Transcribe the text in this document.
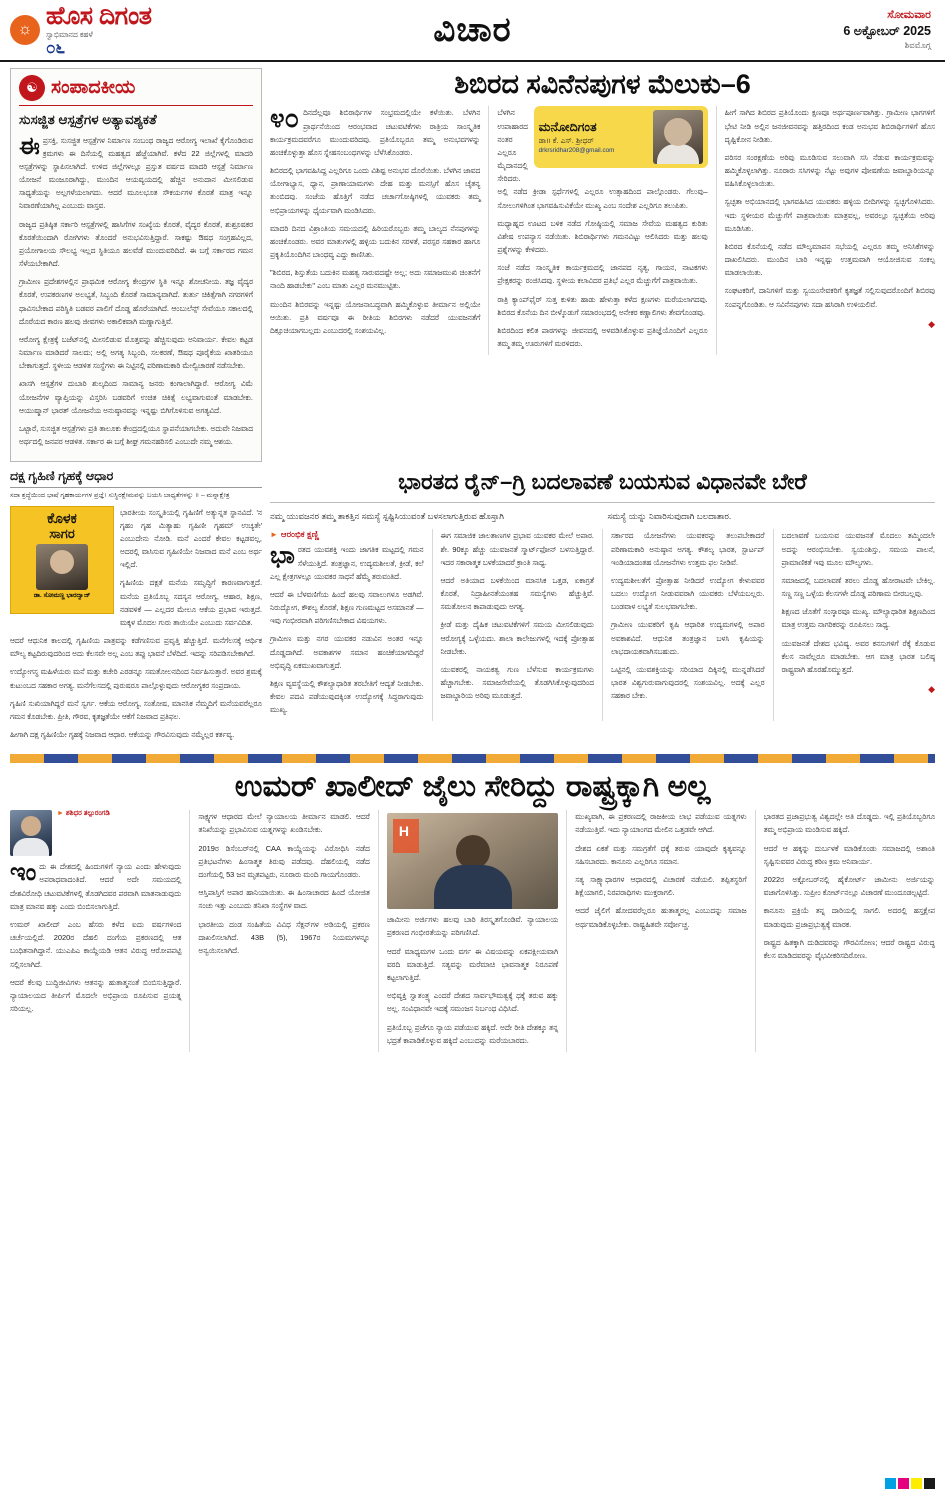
☼ ಹೊಸ ದಿಗಂತ
ಸ್ವಾಭಿಮಾನದ ಕಹಳೆ
೦೬	ವಿಚಾರ	ಸೋಮವಾರ
6 ಅಕ್ಟೋಬರ್ 2025
ಶಿವಮೊಗ್ಗ
☯ ಸಂಪಾದಕೀಯ
ಸುಸಜ್ಜಿತ ಆಸ್ಪತ್ರೆಗಳ ಅತ್ಯಾವಶ್ಯಕತೆ

ಈಪ್ರಸಕ್ತಿ, ಸುಸಜ್ಜಿತ ಆಸ್ಪತ್ರೆಗಳ ನಿರ್ಮಾಣ ಸಂಬಂಧ ರಾಜ್ಯದ ಆರೋಗ್ಯ ಇಲಾಖೆ ಕೈಗೊಂಡಿರುವ ಕ್ರಮಗಳು ಈ ದಿಸೆಯಲ್ಲಿ ಮಹತ್ವದ ಹೆಜ್ಜೆಯಾಗಿವೆ. ಕಳೆದ 22 ಜಿಲ್ಲೆಗಳಲ್ಲಿ ಮಾದರಿ ಆಸ್ಪತ್ರೆಗಳನ್ನು ಸ್ಥಾಪಿಸಲಾಗಿದೆ. ಉಳಿದ ಜಿಲ್ಲೆಗಳಲ್ಲೂ ಪ್ರಸ್ತುತ ವರ್ಷದ ಮಾದರಿ ಆಸ್ಪತ್ರೆ ನಿರ್ಮಾಣ ಯೋಜನೆ ಮಂಜೂರಾಗಿದ್ದು, ಮುಂದಿನ ಆಯವ್ಯಯದಲ್ಲಿ ಹೆಚ್ಚಿನ ಅನುದಾನ ಮೀಸಲಿಡುವ ಸಾಧ್ಯತೆಯನ್ನು ಅಲ್ಲಗಳೆಯಲಾಗದು. ಆದರೆ ಮೂಲಭೂತ ಸೌಕರ್ಯಗಳ ಕೊರತೆ ಮಾತ್ರ ಇನ್ನೂ ನಿವಾರಣೆಯಾಗಿಲ್ಲ ಎಂಬುದು ವಾಸ್ತವ.

ರಾಜ್ಯದ ಪ್ರತಿಷ್ಠಿತ ಸರ್ಕಾರಿ ಆಸ್ಪತ್ರೆಗಳಲ್ಲಿ ಹಾಸಿಗೆಗಳ ಸಂಖ್ಯೆಯ ಕೊರತೆ, ವೈದ್ಯರ ಕೊರತೆ, ಶುಶ್ರೂಷಕರ ಕೊರತೆಯಿಂದಾಗಿ ರೋಗಿಗಳು ತೊಂದರೆ ಅನುಭವಿಸುತ್ತಿದ್ದಾರೆ. ಸಾಕಷ್ಟು ಔಷಧ ಸಂಗ್ರಹವಿಲ್ಲದ, ಪ್ರಯೋಗಾಲಯ ಸೌಲಭ್ಯ ಇಲ್ಲದ ಸ್ಥಿತಿಯೂ ಹಲವೆಡೆ ಮುಂದುವರಿದಿದೆ. ಈ ಬಗ್ಗೆ ಸರ್ಕಾರದ ಗಮನ ಸೆಳೆಯಬೇಕಾಗಿದೆ.

ಗ್ರಾಮೀಣ ಪ್ರದೇಶಗಳಲ್ಲಿನ ಪ್ರಾಥಮಿಕ ಆರೋಗ್ಯ ಕೇಂದ್ರಗಳ ಸ್ಥಿತಿ ಇನ್ನೂ ಶೋಚನೀಯ. ತಜ್ಞ ವೈದ್ಯರ ಕೊರತೆ, ಉಪಕರಣಗಳ ಅಲಭ್ಯತೆ, ಸಿಬ್ಬಂದಿ ಕೊರತೆ ಸಾಮಾನ್ಯವಾಗಿದೆ. ತುರ್ತು ಚಿಕಿತ್ಸೆಗಾಗಿ ನಗರಗಳಿಗೆ ಧಾವಿಸಬೇಕಾದ ಪರಿಸ್ಥಿತಿ ಬಡವರ ಪಾಲಿಗೆ ದೊಡ್ಡ ಹೊರೆಯಾಗಿದೆ. ಆಂಬುಲೆನ್ಸ್ ಸೇವೆಯೂ ಸಕಾಲದಲ್ಲಿ ದೊರೆಯದ ಕಾರಣ ಹಲವು ಜೀವಗಳು ಅಕಾಲಿಕವಾಗಿ ಮಣ್ಣಾಗುತ್ತಿವೆ.

ಆರೋಗ್ಯ ಕ್ಷೇತ್ರಕ್ಕೆ ಬಜೆಟ್‌ನಲ್ಲಿ ಮೀಸಲಿಡುವ ಮೊತ್ತವನ್ನು ಹೆಚ್ಚಿಸುವುದು ಅನಿವಾರ್ಯ. ಕೇವಲ ಕಟ್ಟಡ ನಿರ್ಮಾಣ ಮಾಡಿದರೆ ಸಾಲದು; ಅಲ್ಲಿ ಅಗತ್ಯ ಸಿಬ್ಬಂದಿ, ಸಲಕರಣೆ, ಔಷಧ ಪೂರೈಕೆಯ ಖಾತರಿಯೂ ಬೇಕಾಗುತ್ತದೆ. ಸ್ಥಳೀಯ ಆಡಳಿತ ಸಂಸ್ಥೆಗಳು ಈ ನಿಟ್ಟಿನಲ್ಲಿ ಪರಿಣಾಮಕಾರಿ ಮೇಲ್ವಿಚಾರಣೆ ನಡೆಸಬೇಕು.

ಖಾಸಗಿ ಆಸ್ಪತ್ರೆಗಳ ದುಬಾರಿ ಶುಲ್ಕದಿಂದ ಸಾಮಾನ್ಯ ಜನರು ಕಂಗಾಲಾಗಿದ್ದಾರೆ. ಆರೋಗ್ಯ ವಿಮೆ ಯೋಜನೆಗಳ ವ್ಯಾಪ್ತಿಯನ್ನು ವಿಸ್ತರಿಸಿ ಬಡವರಿಗೆ ಉಚಿತ ಚಿಕಿತ್ಸೆ ಲಭ್ಯವಾಗುವಂತೆ ಮಾಡಬೇಕು. ಆಯುಷ್ಮಾನ್ ಭಾರತ್ ಯೋಜನೆಯ ಅನುಷ್ಠಾನವನ್ನು ಇನ್ನಷ್ಟು ಬಿಗಿಗೊಳಿಸುವ ಅಗತ್ಯವಿದೆ.

ಒಟ್ಟಾರೆ, ಸುಸಜ್ಜಿತ ಆಸ್ಪತ್ರೆಗಳು ಪ್ರತಿ ತಾಲೂಕು ಕೇಂದ್ರದಲ್ಲಿಯೂ ಸ್ಥಾಪನೆಯಾಗಬೇಕು. ಅದುವೇ ನಿಜವಾದ ಅರ್ಥದಲ್ಲಿ ಜನಪರ ಆಡಳಿತ. ಸರ್ಕಾರ ಈ ಬಗ್ಗೆ ಶೀಘ್ರ ಗಮನಹರಿಸಲಿ ಎಂಬುದೇ ನಮ್ಮ ಆಶಯ.

ಶಿಬಿರದ ಸವಿನೆನಪುಗಳ ಮೆಲುಕು–6

೪೦ ದಿನದೆಲ್ಲವೂ ಶಿಬಿರಾರ್ಥಿಗಳ ಸಂಭ್ರಮದಲ್ಲಿಯೇ ಕಳೆಯಿತು. ಬೆಳಗಿನ ಪ್ರಾರ್ಥನೆಯಿಂದ ಆರಂಭವಾದ ಚಟುವಟಿಕೆಗಳು ರಾತ್ರಿಯ ಸಾಂಸ್ಕೃತಿಕ ಕಾರ್ಯಕ್ರಮದವರೆಗೂ ಮುಂದುವರಿದವು. ಪ್ರತಿಯೊಬ್ಬರೂ ತಮ್ಮ ಅನುಭವಗಳನ್ನು ಹಂಚಿಕೊಳ್ಳುತ್ತಾ ಹೊಸ ಸ್ನೇಹಸಂಬಂಧಗಳನ್ನು ಬೆಳೆಸಿಕೊಂಡರು.

ಶಿಬಿರದಲ್ಲಿ ಭಾಗವಹಿಸಿದ್ದ ಎಲ್ಲರಿಗೂ ಒಂದು ವಿಶಿಷ್ಟ ಅನುಭವ ದೊರೆಯಿತು. ಬೆಳಗಿನ ಜಾವದ ಯೋಗಾಭ್ಯಾಸ, ಧ್ಯಾನ, ಪ್ರಾಣಾಯಾಮಗಳು ದೇಹ ಮತ್ತು ಮನಸ್ಸಿಗೆ ಹೊಸ ಚೈತನ್ಯ ತುಂಬಿದವು. ಸಂಜೆಯ ಹೊತ್ತಿಗೆ ನಡೆದ ಚರ್ಚಾಗೋಷ್ಠಿಗಳಲ್ಲಿ ಯುವಕರು ತಮ್ಮ ಅಭಿಪ್ರಾಯಗಳನ್ನು ಧೈರ್ಯವಾಗಿ ಮಂಡಿಸಿದರು.

ಮಾದರಿ ದಿನದ ವಿಶ್ರಾಂತಿಯ ಸಮಯದಲ್ಲಿ ಹಿರಿಯರೊಬ್ಬರು ತಮ್ಮ ಬಾಲ್ಯದ ನೆನಪುಗಳನ್ನು ಹಂಚಿಕೊಂಡರು. ಅವರ ಮಾತುಗಳಲ್ಲಿ ಹಳ್ಳಿಯ ಬದುಕಿನ ಸರಳತೆ, ಪರಸ್ಪರ ಸಹಕಾರ ಹಾಗೂ ಪ್ರಕೃತಿಯೊಂದಿಗಿನ ಬಾಂಧವ್ಯ ಎದ್ದು ಕಾಣಿಸಿತು.

"ಶಿಬಿರದ, ಶಿಸ್ತುತೆಯ ಬದುಕಿನ ಮಹತ್ವ ಸಾರುವದಷ್ಟೇ ಅಲ್ಲ; ಅದು ಸಮಾಜಮುಖಿ ಚಿಂತನೆಗೆ ನಾಂದಿ ಹಾಡಬೇಕು" ಎಂಬ ಮಾತು ಎಲ್ಲರ ಮನಮುಟ್ಟಿತು.

ಮುಂದಿನ ಶಿಬಿರವನ್ನು ಇನ್ನಷ್ಟು ಯೋಜನಾಬದ್ಧವಾಗಿ ಹಮ್ಮಿಕೊಳ್ಳುವ ತೀರ್ಮಾನ ಅಲ್ಲಿಯೇ ಆಯಿತು. ಪ್ರತಿ ವರ್ಷವೂ ಈ ರೀತಿಯ ಶಿಬಿರಗಳು ನಡೆದರೆ ಯುವಜನತೆಗೆ ದಿಕ್ಸೂಚಿಯಾಗಬಲ್ಲದು ಎಂಬುದರಲ್ಲಿ ಸಂಶಯವಿಲ್ಲ.

ಮನೋದಿಗಂತ
ಡಾ॥ ಕೆ. ಎಸ್. ಶ್ರೀಧರ್
drkrsridhar208@gmail.com

ಬೆಳಗಿನ ಉಪಾಹಾರದ ನಂತರ ಎಲ್ಲರೂ ಮೈದಾನದಲ್ಲಿ ಸೇರಿದರು. ಅಲ್ಲಿ ನಡೆದ ಕ್ರೀಡಾ ಸ್ಪರ್ಧೆಗಳಲ್ಲಿ ಎಲ್ಲರೂ ಉತ್ಸಾಹದಿಂದ ಪಾಲ್ಗೊಂಡರು. ಗೆಲುವು–ಸೋಲುಗಳಿಗಿಂತ ಭಾಗವಹಿಸುವಿಕೆಯೇ ಮುಖ್ಯ ಎಂಬ ಸಂದೇಶ ಎಲ್ಲರಿಗೂ ತಲುಪಿತು.

ಮಧ್ಯಾಹ್ನದ ಊಟದ ಬಳಿಕ ನಡೆದ ಗೋಷ್ಠಿಯಲ್ಲಿ ಸಮಾಜ ಸೇವೆಯ ಮಹತ್ವದ ಕುರಿತು ವಿಶೇಷ ಉಪನ್ಯಾಸ ನಡೆಯಿತು. ಶಿಬಿರಾರ್ಥಿಗಳು ಗಮನವಿಟ್ಟು ಆಲಿಸಿದರು ಮತ್ತು ಹಲವು ಪ್ರಶ್ನೆಗಳನ್ನು ಕೇಳಿದರು.

ಸಂಜೆ ನಡೆದ ಸಾಂಸ್ಕೃತಿಕ ಕಾರ್ಯಕ್ರಮದಲ್ಲಿ ಜಾನಪದ ನೃತ್ಯ, ಗಾಯನ, ನಾಟಕಗಳು ಪ್ರೇಕ್ಷಕರನ್ನು ರಂಜಿಸಿದವು. ಸ್ಥಳೀಯ ಕಲಾವಿದರ ಪ್ರತಿಭೆ ಎಲ್ಲರ ಮೆಚ್ಚುಗೆಗೆ ಪಾತ್ರವಾಯಿತು.

ರಾತ್ರಿ ಕ್ಯಾಂಪ್‌ಫೈರ್ ಸುತ್ತ ಕುಳಿತು ಹಾಡು ಹೇಳುತ್ತಾ ಕಳೆದ ಕ್ಷಣಗಳು ಮರೆಯಲಾಗದವು. ಶಿಬಿರದ ಕೊನೆಯ ದಿನ ಬೀಳ್ಕೊಡುಗೆ ಸಮಾರಂಭದಲ್ಲಿ ಅನೇಕರ ಕಣ್ಣಾಲಿಗಳು ತೇವಗೊಂಡವು.

ಶಿಬಿರದಿಂದ ಕಲಿತ ಪಾಠಗಳನ್ನು ಜೀವನದಲ್ಲಿ ಅಳವಡಿಸಿಕೊಳ್ಳುವ ಪ್ರತಿಜ್ಞೆಯೊಂದಿಗೆ ಎಲ್ಲರೂ ತಮ್ಮ ತಮ್ಮ ಊರುಗಳಿಗೆ ಮರಳಿದರು.

ಹೀಗೆ ಸಾಗಿದ ಶಿಬಿರದ ಪ್ರತಿಯೊಂದು ಕ್ಷಣವೂ ಅರ್ಥಪೂರ್ಣವಾಗಿತ್ತು. ಗ್ರಾಮೀಣ ಭಾಗಗಳಿಗೆ ಭೇಟಿ ನೀಡಿ ಅಲ್ಲಿನ ಜನಜೀವನವನ್ನು ಹತ್ತಿರದಿಂದ ಕಂಡ ಅನುಭವ ಶಿಬಿರಾರ್ಥಿಗಳಿಗೆ ಹೊಸ ದೃಷ್ಟಿಕೋನ ನೀಡಿತು.

ಪರಿಸರ ಸಂರಕ್ಷಣೆಯ ಅರಿವು ಮೂಡಿಸುವ ಸಲುವಾಗಿ ಸಸಿ ನೆಡುವ ಕಾರ್ಯಕ್ರಮವನ್ನು ಹಮ್ಮಿಕೊಳ್ಳಲಾಗಿತ್ತು. ನೂರಾರು ಸಸಿಗಳನ್ನು ನೆಟ್ಟು ಅವುಗಳ ಪೋಷಣೆಯ ಜವಾಬ್ದಾರಿಯನ್ನೂ ವಹಿಸಿಕೊಳ್ಳಲಾಯಿತು.

ಸ್ವಚ್ಛತಾ ಅಭಿಯಾನದಲ್ಲಿ ಭಾಗವಹಿಸಿದ ಯುವಕರು ಹಳ್ಳಿಯ ಬೀದಿಗಳನ್ನು ಸ್ವಚ್ಛಗೊಳಿಸಿದರು. ಇದು ಸ್ಥಳೀಯರ ಮೆಚ್ಚುಗೆಗೆ ಪಾತ್ರವಾಯಿತು ಮಾತ್ರವಲ್ಲ, ಅವರಲ್ಲೂ ಸ್ವಚ್ಛತೆಯ ಅರಿವು ಮೂಡಿಸಿತು.

ಶಿಬಿರದ ಕೊನೆಯಲ್ಲಿ ನಡೆದ ಮೌಲ್ಯಮಾಪನ ಸಭೆಯಲ್ಲಿ ಎಲ್ಲರೂ ತಮ್ಮ ಅನಿಸಿಕೆಗಳನ್ನು ದಾಖಲಿಸಿದರು. ಮುಂದಿನ ಬಾರಿ ಇನ್ನಷ್ಟು ಉತ್ತಮವಾಗಿ ಆಯೋಜಿಸುವ ಸಂಕಲ್ಪ ಮಾಡಲಾಯಿತು.

ಸಂಘಟಕರಿಗೆ, ದಾನಿಗಳಿಗೆ ಮತ್ತು ಸ್ವಯಂಸೇವಕರಿಗೆ ಕೃತಜ್ಞತೆ ಸಲ್ಲಿಸುವುದರೊಂದಿಗೆ ಶಿಬಿರವು ಸಂಪನ್ನಗೊಂಡಿತು. ಆ ಸವಿನೆನಪುಗಳು ಸದಾ ಹಸಿರಾಗಿ ಉಳಿಯಲಿವೆ.

◆
ದಕ್ಷ ಗೃಹಿಣಿ ಗೃಹಕ್ಕೆ ಆಧಾರ
ಸದಾ ಶ್ರದ್ಧೆಯಿಂದ ಭಾಷೆ ಗೃಹಕಾರ್ಯಗಳ ಪ್ರಜ್ಞೆ। ಸುಸ್ಥಿರಕ್ಷೇಮವನ್ನು ಬಯಸಿ ಬಾಧ್ಯತೆಗಳನ್ನು ॥ – ಮನ್ನಾಕ್ಷೇತ್ರ
ಕೊಳಕ
ಸಾಗರ
ಡಾ. ಸೋಮಣ್ಣ ಭಾರದ್ವಾಜ್

ಭಾರತೀಯ ಸಂಸ್ಕೃತಿಯಲ್ಲಿ ಗೃಹಿಣಿಗೆ ಅತ್ಯುನ್ನತ ಸ್ಥಾನವಿದೆ. 'ನ ಗೃಹಂ ಗೃಹ ಮಿತ್ಯಾಹು ಗೃಹಿಣೀ ಗೃಹಮ್ ಉಚ್ಯತೇ' ಎಂಬುದೇನು ನೋಡಿ. ಮನೆ ಎಂದರೆ ಕೇವಲ ಕಟ್ಟಡವಲ್ಲ, ಅದರಲ್ಲಿ ವಾಸಿಸುವ ಗೃಹಿಣಿಯೇ ನಿಜವಾದ ಮನೆ ಎಂಬ ಅರ್ಥ ಇಲ್ಲಿದೆ.

ಗೃಹಿಣಿಯ ದಕ್ಷತೆ ಮನೆಯ ಸಮೃದ್ಧಿಗೆ ಕಾರಣವಾಗುತ್ತದೆ. ಮನೆಯ ಪ್ರತಿಯೊಬ್ಬ ಸದಸ್ಯನ ಆರೋಗ್ಯ, ಆಹಾರ, ಶಿಕ್ಷಣ, ನಡವಳಿಕೆ — ಎಲ್ಲದರ ಮೇಲೂ ಆಕೆಯ ಪ್ರಭಾವ ಇರುತ್ತದೆ. ಮಕ್ಕಳ ಮೊದಲ ಗುರು ತಾಯಿಯೇ ಎಂಬುದು ಸರ್ವವಿದಿತ.

ಆದರೆ ಆಧುನಿಕ ಕಾಲದಲ್ಲಿ ಗೃಹಿಣಿಯ ಪಾತ್ರವನ್ನು ಕಡೆಗಣಿಸುವ ಪ್ರವೃತ್ತಿ ಹೆಚ್ಚುತ್ತಿದೆ. ಮನೆಗೆಲಸಕ್ಕೆ ಆರ್ಥಿಕ ಮೌಲ್ಯ ಕಟ್ಟದಿರುವುದರಿಂದ ಅದು ಕೆಲಸವೇ ಅಲ್ಲ ಎಂಬ ತಪ್ಪು ಭಾವನೆ ಬೆಳೆದಿದೆ. ಇದನ್ನು ಸರಿಪಡಿಸಬೇಕಾಗಿದೆ.

ಉದ್ಯೋಗಸ್ಥ ಮಹಿಳೆಯರು ಮನೆ ಮತ್ತು ಕಚೇರಿ ಎರಡನ್ನೂ ಸಮತೋಲನದಿಂದ ನಿರ್ವಹಿಸುತ್ತಾರೆ. ಅವರ ಶ್ರಮಕ್ಕೆ ಕುಟುಂಬದ ಸಹಕಾರ ಅಗತ್ಯ. ಮನೆಗೆಲಸದಲ್ಲಿ ಪುರುಷರೂ ಪಾಲ್ಗೊಳ್ಳುವುದು ಆರೋಗ್ಯಕರ ಸಂಪ್ರದಾಯ.

ಗೃಹಿಣಿ ಸುಖಿಯಾಗಿದ್ದರೆ ಮನೆ ಸ್ವರ್ಗ. ಆಕೆಯ ಆರೋಗ್ಯ, ಸಂತೋಷ, ಮಾನಸಿಕ ನೆಮ್ಮದಿಗೆ ಮನೆಯವರೆಲ್ಲರೂ ಗಮನ ಕೊಡಬೇಕು. ಪ್ರೀತಿ, ಗೌರವ, ಕೃತಜ್ಞತೆಯೇ ಆಕೆಗೆ ನಿಜವಾದ ಪ್ರತಿಫಲ.

ಹೀಗಾಗಿ ದಕ್ಷ ಗೃಹಿಣಿಯೇ ಗೃಹಕ್ಕೆ ನಿಜವಾದ ಆಧಾರ. ಆಕೆಯನ್ನು ಗೌರವಿಸುವುದು ನಮ್ಮೆಲ್ಲರ ಕರ್ತವ್ಯ.

ಭಾರತದ ರೈನ್–ಗ್ರಿ ಬದಲಾವಣೆ ಬಯಸುವ ವಿಧಾನವೇ ಬೇರೆ
ನಮ್ಮ ಯುವಜನರ ತಮ್ಮ ತಾಕತ್ತಿನ ಸಮಸ್ಯೆ ಸ್ಪಷ್ಟಿಸಿಯುವಂತೆ ಬಳಸಲಾಗುತ್ತಿರುವ ಹೊಸ್ತಾಗಿ	ಸಮಸ್ಯೆ ಯನ್ನು ನಿವಾರಿಸುವುದಾಗಿ ಬಲದಾತಾರ.
► ಆರಂಭಿಕ ಕ್ಷಣ್ಣಿ

ಭಾರತದ ಯುವಶಕ್ತಿ ಇಂದು ಜಾಗತಿಕ ಮಟ್ಟದಲ್ಲಿ ಗಮನ ಸೆಳೆಯುತ್ತಿದೆ. ತಂತ್ರಜ್ಞಾನ, ಉದ್ಯಮಶೀಲತೆ, ಕ್ರೀಡೆ, ಕಲೆ ಎಲ್ಲ ಕ್ಷೇತ್ರಗಳಲ್ಲೂ ಯುವಕರ ಸಾಧನೆ ಹೆಮ್ಮೆ ತರುವಂತಿದೆ.

ಆದರೆ ಈ ಬೆಳವಣಿಗೆಯ ಹಿಂದೆ ಹಲವು ಸವಾಲುಗಳೂ ಅಡಗಿವೆ. ನಿರುದ್ಯೋಗ, ಕೌಶಲ್ಯ ಕೊರತೆ, ಶಿಕ್ಷಣ ಗುಣಮಟ್ಟದ ಅಸಮಾನತೆ — ಇವು ಗಂಭೀರವಾಗಿ ಪರಿಗಣಿಸಬೇಕಾದ ವಿಷಯಗಳು.

ಗ್ರಾಮೀಣ ಮತ್ತು ನಗರ ಯುವಕರ ನಡುವಿನ ಅಂತರ ಇನ್ನೂ ದೊಡ್ಡದಾಗಿದೆ. ಅವಕಾಶಗಳ ಸಮಾನ ಹಂಚಿಕೆಯಾಗದಿದ್ದರೆ ಅಭಿವೃದ್ಧಿ ಏಕಮುಖವಾಗುತ್ತದೆ.

ಶಿಕ್ಷಣ ವ್ಯವಸ್ಥೆಯಲ್ಲಿ ಕೌಶಲ್ಯಾಧಾರಿತ ತರಬೇತಿಗೆ ಆದ್ಯತೆ ನೀಡಬೇಕು. ಕೇವಲ ಪದವಿ ಪಡೆಯುವುದಕ್ಕಿಂತ ಉದ್ಯೋಗಕ್ಕೆ ಸಿದ್ಧರಾಗುವುದು ಮುಖ್ಯ.

ಈಗ ಸಮಾಜಿಕ ಜಾಲತಾಣಗಳ ಪ್ರಭಾವ ಯುವಕರ ಮೇಲೆ ಅಪಾರ. ಶೇ. 90ಕ್ಕೂ ಹೆಚ್ಚು ಯುವಜನತೆ ಸ್ಮಾರ್ಟ್‌ಫೋನ್ ಬಳಸುತ್ತಿದ್ದಾರೆ. ಇದರ ಸಕಾರಾತ್ಮಕ ಬಳಕೆಯಾದರೆ ಕ್ರಾಂತಿ ಸಾಧ್ಯ.

ಆದರೆ ಅತಿಯಾದ ಬಳಕೆಯಿಂದ ಮಾನಸಿಕ ಒತ್ತಡ, ಏಕಾಗ್ರತೆ ಕೊರತೆ, ನಿದ್ರಾಹೀನತೆಯಂತಹ ಸಮಸ್ಯೆಗಳು ಹೆಚ್ಚುತ್ತಿವೆ. ಸಮತೋಲನ ಕಾಪಾಡುವುದು ಅಗತ್ಯ.

ಕ್ರೀಡೆ ಮತ್ತು ದೈಹಿಕ ಚಟುವಟಿಕೆಗಳಿಗೆ ಸಮಯ ಮೀಸಲಿಡುವುದು ಆರೋಗ್ಯಕ್ಕೆ ಒಳ್ಳೆಯದು. ಶಾಲಾ ಕಾಲೇಜುಗಳಲ್ಲಿ ಇದಕ್ಕೆ ಪ್ರೋತ್ಸಾಹ ನೀಡಬೇಕು.

ಯುವಕರಲ್ಲಿ ನಾಯಕತ್ವ ಗುಣ ಬೆಳೆಸುವ ಕಾರ್ಯಕ್ರಮಗಳು ಹೆಚ್ಚಾಗಬೇಕು. ಸಮಾಜಸೇವೆಯಲ್ಲಿ ತೊಡಗಿಸಿಕೊಳ್ಳುವುದರಿಂದ ಜವಾಬ್ದಾರಿಯ ಅರಿವು ಮೂಡುತ್ತದೆ.

ಸರ್ಕಾರದ ಯೋಜನೆಗಳು ಯುವಕರನ್ನು ತಲುಪಬೇಕಾದರೆ ಪರಿಣಾಮಕಾರಿ ಅನುಷ್ಠಾನ ಅಗತ್ಯ. ಕೌಶಲ್ಯ ಭಾರತ, ಸ್ಟಾರ್ಟಪ್ ಇಂಡಿಯಾದಂತಹ ಯೋಜನೆಗಳು ಉತ್ತಮ ಫಲ ನೀಡಿವೆ.

ಉದ್ಯಮಶೀಲತೆಗೆ ಪ್ರೋತ್ಸಾಹ ನೀಡಿದರೆ ಉದ್ಯೋಗ ಕೇಳುವವರ ಬದಲು ಉದ್ಯೋಗ ನೀಡುವವರಾಗಿ ಯುವಕರು ಬೆಳೆಯಬಲ್ಲರು. ಬಂಡವಾಳ ಲಭ್ಯತೆ ಸುಲಭವಾಗಬೇಕು.

ಗ್ರಾಮೀಣ ಯುವಕರಿಗೆ ಕೃಷಿ ಆಧಾರಿತ ಉದ್ಯಮಗಳಲ್ಲಿ ಅಪಾರ ಅವಕಾಶವಿದೆ. ಆಧುನಿಕ ತಂತ್ರಜ್ಞಾನ ಬಳಸಿ ಕೃಷಿಯನ್ನು ಲಾಭದಾಯಕವಾಗಿಸಬಹುದು.

ಒಟ್ಟಿನಲ್ಲಿ ಯುವಶಕ್ತಿಯನ್ನು ಸರಿಯಾದ ದಿಕ್ಕಿನಲ್ಲಿ ಮುನ್ನಡೆಸಿದರೆ ಭಾರತ ವಿಶ್ವಗುರುವಾಗುವುದರಲ್ಲಿ ಸಂಶಯವಿಲ್ಲ. ಅದಕ್ಕೆ ಎಲ್ಲರ ಸಹಕಾರ ಬೇಕು.

ಬದಲಾವಣೆ ಬಯಸುವ ಯುವಜನತೆ ಮೊದಲು ತಮ್ಮಿಂದಲೇ ಅದನ್ನು ಆರಂಭಿಸಬೇಕು. ಸ್ವಯಂಶಿಸ್ತು, ಸಮಯ ಪಾಲನೆ, ಪ್ರಾಮಾಣಿಕತೆ ಇವು ಮೂಲ ಮೌಲ್ಯಗಳು.

ಸಮಾಜದಲ್ಲಿ ಬದಲಾವಣೆ ತರಲು ದೊಡ್ಡ ಹೋರಾಟವೇ ಬೇಕಿಲ್ಲ. ಸಣ್ಣ ಸಣ್ಣ ಒಳ್ಳೆಯ ಕೆಲಸಗಳೇ ದೊಡ್ಡ ಪರಿಣಾಮ ಬೀರಬಲ್ಲವು.

ಶಿಕ್ಷಣದ ಜೊತೆಗೆ ಸಂಸ್ಕಾರವೂ ಮುಖ್ಯ. ಮೌಲ್ಯಾಧಾರಿತ ಶಿಕ್ಷಣದಿಂದ ಮಾತ್ರ ಉತ್ತಮ ನಾಗರಿಕರನ್ನು ರೂಪಿಸಲು ಸಾಧ್ಯ.

ಯುವಜನತೆ ದೇಶದ ಭವಿಷ್ಯ. ಅವರ ಕನಸುಗಳಿಗೆ ರೆಕ್ಕೆ ಕೊಡುವ ಕೆಲಸ ನಾವೆಲ್ಲರೂ ಮಾಡಬೇಕು. ಆಗ ಮಾತ್ರ ಭಾರತ ಬಲಿಷ್ಠ ರಾಷ್ಟ್ರವಾಗಿ ಹೊರಹೊಮ್ಮುತ್ತದೆ.

◆
ಉಮರ್ ಖಾಲೀದ್ ಜೈಲು ಸೇರಿದ್ದು ರಾಷ್ಟ್ರಕ್ಕಾಗಿ ಅಲ್ಲ
► ಶಶಿಧರ ತಲ್ಪುರಂಗಡಿ

ಇಂದು ಈ ದೇಶದಲ್ಲಿ ಹಿಂದುಗಳಿಗೆ ನ್ಯಾಯ ಎಂದು ಹೇಳುವುದು ಅಪರಾಧವಾದಂತಿದೆ. ಆದರೆ ಅದೇ ಸಮಯದಲ್ಲಿ ದೇಶವಿರೋಧಿ ಚಟುವಟಿಕೆಗಳಲ್ಲಿ ತೊಡಗಿದವರ ಪರವಾಗಿ ಮಾತನಾಡುವುದು ಮಾತ್ರ ಮಾನವ ಹಕ್ಕು ಎಂದು ಬಿಂಬಿಸಲಾಗುತ್ತಿದೆ.

ಉಮರ್ ಖಾಲೀದ್ ಎಂಬ ಹೆಸರು ಕಳೆದ ಐದು ವರ್ಷಗಳಿಂದ ಚರ್ಚೆಯಲ್ಲಿದೆ. 2020ರ ದೆಹಲಿ ದಂಗೆಯ ಪ್ರಕರಣದಲ್ಲಿ ಆತ ಬಂಧಿತನಾಗಿದ್ದಾನೆ. ಯುಎಪಿಎ ಕಾಯ್ದೆಯಡಿ ಆತನ ವಿರುದ್ಧ ಆರೋಪಪಟ್ಟಿ ಸಲ್ಲಿಸಲಾಗಿದೆ.

ಆದರೆ ಕೆಲವು ಬುದ್ಧಿಜೀವಿಗಳು ಆತನನ್ನು ಹುತಾತ್ಮನಂತೆ ಬಿಂಬಿಸುತ್ತಿದ್ದಾರೆ. ನ್ಯಾಯಾಲಯದ ತೀರ್ಪಿಗೆ ಮೊದಲೇ ಅಭಿಪ್ರಾಯ ರೂಪಿಸುವ ಪ್ರಯತ್ನ ಸರಿಯಲ್ಲ.

ಸಾಕ್ಷ್ಯಗಳ ಆಧಾರದ ಮೇಲೆ ನ್ಯಾಯಾಲಯ ತೀರ್ಮಾನ ಮಾಡಲಿ. ಆದರೆ ತನಿಖೆಯನ್ನು ಪ್ರಭಾವಿಸುವ ಯತ್ನಗಳನ್ನು ಖಂಡಿಸಬೇಕು.

2019ರ ಡಿಸೆಂಬರ್‌ನಲ್ಲಿ CAA ಕಾಯ್ದೆಯನ್ನು ವಿರೋಧಿಸಿ ನಡೆದ ಪ್ರತಿಭಟನೆಗಳು ಹಿಂಸಾತ್ಮಕ ತಿರುವು ಪಡೆದವು. ದೆಹಲಿಯಲ್ಲಿ ನಡೆದ ದಂಗೆಯಲ್ಲಿ 53 ಜನ ಮೃತಪಟ್ಟರು, ನೂರಾರು ಮಂದಿ ಗಾಯಗೊಂಡರು.

ಆಸ್ತಿಪಾಸ್ತಿಗೆ ಅಪಾರ ಹಾನಿಯಾಯಿತು. ಈ ಹಿಂಸಾಚಾರದ ಹಿಂದೆ ಯೋಜಿತ ಸಂಚು ಇತ್ತು ಎಂಬುದು ತನಿಖಾ ಸಂಸ್ಥೆಗಳ ವಾದ.

ಭಾರತೀಯ ದಂಡ ಸಂಹಿತೆಯ ವಿವಿಧ ಸೆಕ್ಷನ್‌ಗಳ ಅಡಿಯಲ್ಲಿ ಪ್ರಕರಣ ದಾಖಲಿಸಲಾಗಿದೆ. 43B (5), 1967ರ ನಿಯಮಗಳನ್ನೂ ಅನ್ವಯಿಸಲಾಗಿದೆ.

H

ಜಾಮೀನು ಅರ್ಜಿಗಳು ಹಲವು ಬಾರಿ ತಿರಸ್ಕೃತಗೊಂಡಿವೆ. ನ್ಯಾಯಾಲಯ ಪ್ರಕರಣದ ಗಂಭೀರತೆಯನ್ನು ಪರಿಗಣಿಸಿದೆ.

ಆದರೆ ಮಾಧ್ಯಮಗಳ ಒಂದು ವರ್ಗ ಈ ವಿಷಯವನ್ನು ಏಕಪಕ್ಷೀಯವಾಗಿ ವರದಿ ಮಾಡುತ್ತಿದೆ. ಸತ್ಯವನ್ನು ಮರೆಮಾಚಿ ಭಾವನಾತ್ಮಕ ನಿರೂಪಣೆ ಕಟ್ಟಲಾಗುತ್ತಿದೆ.

ಅಭಿವ್ಯಕ್ತಿ ಸ್ವಾತಂತ್ರ್ಯ ಎಂದರೆ ದೇಶದ ಸಾರ್ವಭೌಮತ್ವಕ್ಕೆ ಧಕ್ಕೆ ತರುವ ಹಕ್ಕು ಅಲ್ಲ. ಸಂವಿಧಾನವೇ ಇದಕ್ಕೆ ಸಮಂಜಸ ನಿರ್ಬಂಧ ವಿಧಿಸಿದೆ.

ಪ್ರತಿಯೊಬ್ಬ ಪ್ರಜೆಗೂ ನ್ಯಾಯ ಪಡೆಯುವ ಹಕ್ಕಿದೆ. ಅದೇ ರೀತಿ ದೇಶಕ್ಕೂ ತನ್ನ ಭದ್ರತೆ ಕಾಪಾಡಿಕೊಳ್ಳುವ ಹಕ್ಕಿದೆ ಎಂಬುದನ್ನು ಮರೆಯಬಾರದು.

ಮುಖ್ಯವಾಗಿ, ಈ ಪ್ರಕರಣದಲ್ಲಿ ರಾಜಕೀಯ ಲಾಭ ಪಡೆಯುವ ಯತ್ನಗಳು ನಡೆಯುತ್ತಿವೆ. ಇದು ನ್ಯಾಯಾಂಗದ ಮೇಲಿನ ಒತ್ತಡವೇ ಆಗಿದೆ.

ದೇಶದ ಏಕತೆ ಮತ್ತು ಸಮಗ್ರತೆಗೆ ಧಕ್ಕೆ ತರುವ ಯಾವುದೇ ಕೃತ್ಯವನ್ನೂ ಸಹಿಸಬಾರದು. ಕಾನೂನು ಎಲ್ಲರಿಗೂ ಸಮಾನ.

ಸತ್ಯ ಸಾಕ್ಷ್ಯಾಧಾರಗಳ ಆಧಾರದಲ್ಲಿ ವಿಚಾರಣೆ ನಡೆಯಲಿ. ತಪ್ಪಿತಸ್ಥರಿಗೆ ಶಿಕ್ಷೆಯಾಗಲಿ, ನಿರಪರಾಧಿಗಳು ಮುಕ್ತರಾಗಲಿ.

ಆದರೆ ಜೈಲಿಗೆ ಹೋದವರೆಲ್ಲರೂ ಹುತಾತ್ಮರಲ್ಲ ಎಂಬುದನ್ನು ಸಮಾಜ ಅರ್ಥಮಾಡಿಕೊಳ್ಳಬೇಕು. ರಾಷ್ಟ್ರಹಿತವೇ ಸರ್ವೋಚ್ಚ.

ಭಾರತದ ಪ್ರಜಾಪ್ರಭುತ್ವ ವಿಶ್ವದಲ್ಲೇ ಅತಿ ದೊಡ್ಡದು. ಇಲ್ಲಿ ಪ್ರತಿಯೊಬ್ಬರಿಗೂ ತಮ್ಮ ಅಭಿಪ್ರಾಯ ಮಂಡಿಸುವ ಹಕ್ಕಿದೆ.

ಆದರೆ ಆ ಹಕ್ಕನ್ನು ದುರ್ಬಳಕೆ ಮಾಡಿಕೊಂಡು ಸಮಾಜದಲ್ಲಿ ಅಶಾಂತಿ ಸೃಷ್ಟಿಸುವವರ ವಿರುದ್ಧ ಕಠಿಣ ಕ್ರಮ ಅನಿವಾರ್ಯ.

2022ರ ಅಕ್ಟೋಬರ್‌ನಲ್ಲಿ ಹೈಕೋರ್ಟ್ ಜಾಮೀನು ಅರ್ಜಿಯನ್ನು ವಜಾಗೊಳಿಸಿತ್ತು. ಸುಪ್ರೀಂ ಕೋರ್ಟ್‌ನಲ್ಲೂ ವಿಚಾರಣೆ ಮುಂದೂಡಲ್ಪಟ್ಟಿದೆ.

ಕಾನೂನು ಪ್ರಕ್ರಿಯೆ ತನ್ನ ದಾರಿಯಲ್ಲಿ ಸಾಗಲಿ. ಅದರಲ್ಲಿ ಹಸ್ತಕ್ಷೇಪ ಮಾಡುವುದು ಪ್ರಜಾಪ್ರಭುತ್ವಕ್ಕೆ ಮಾರಕ.

ರಾಷ್ಟ್ರದ ಹಿತಕ್ಕಾಗಿ ದುಡಿದವರನ್ನು ಗೌರವಿಸೋಣ; ಆದರೆ ರಾಷ್ಟ್ರದ ವಿರುದ್ಧ ಕೆಲಸ ಮಾಡಿದವರನ್ನು ವೈಭವೀಕರಿಸದಿರೋಣ.
